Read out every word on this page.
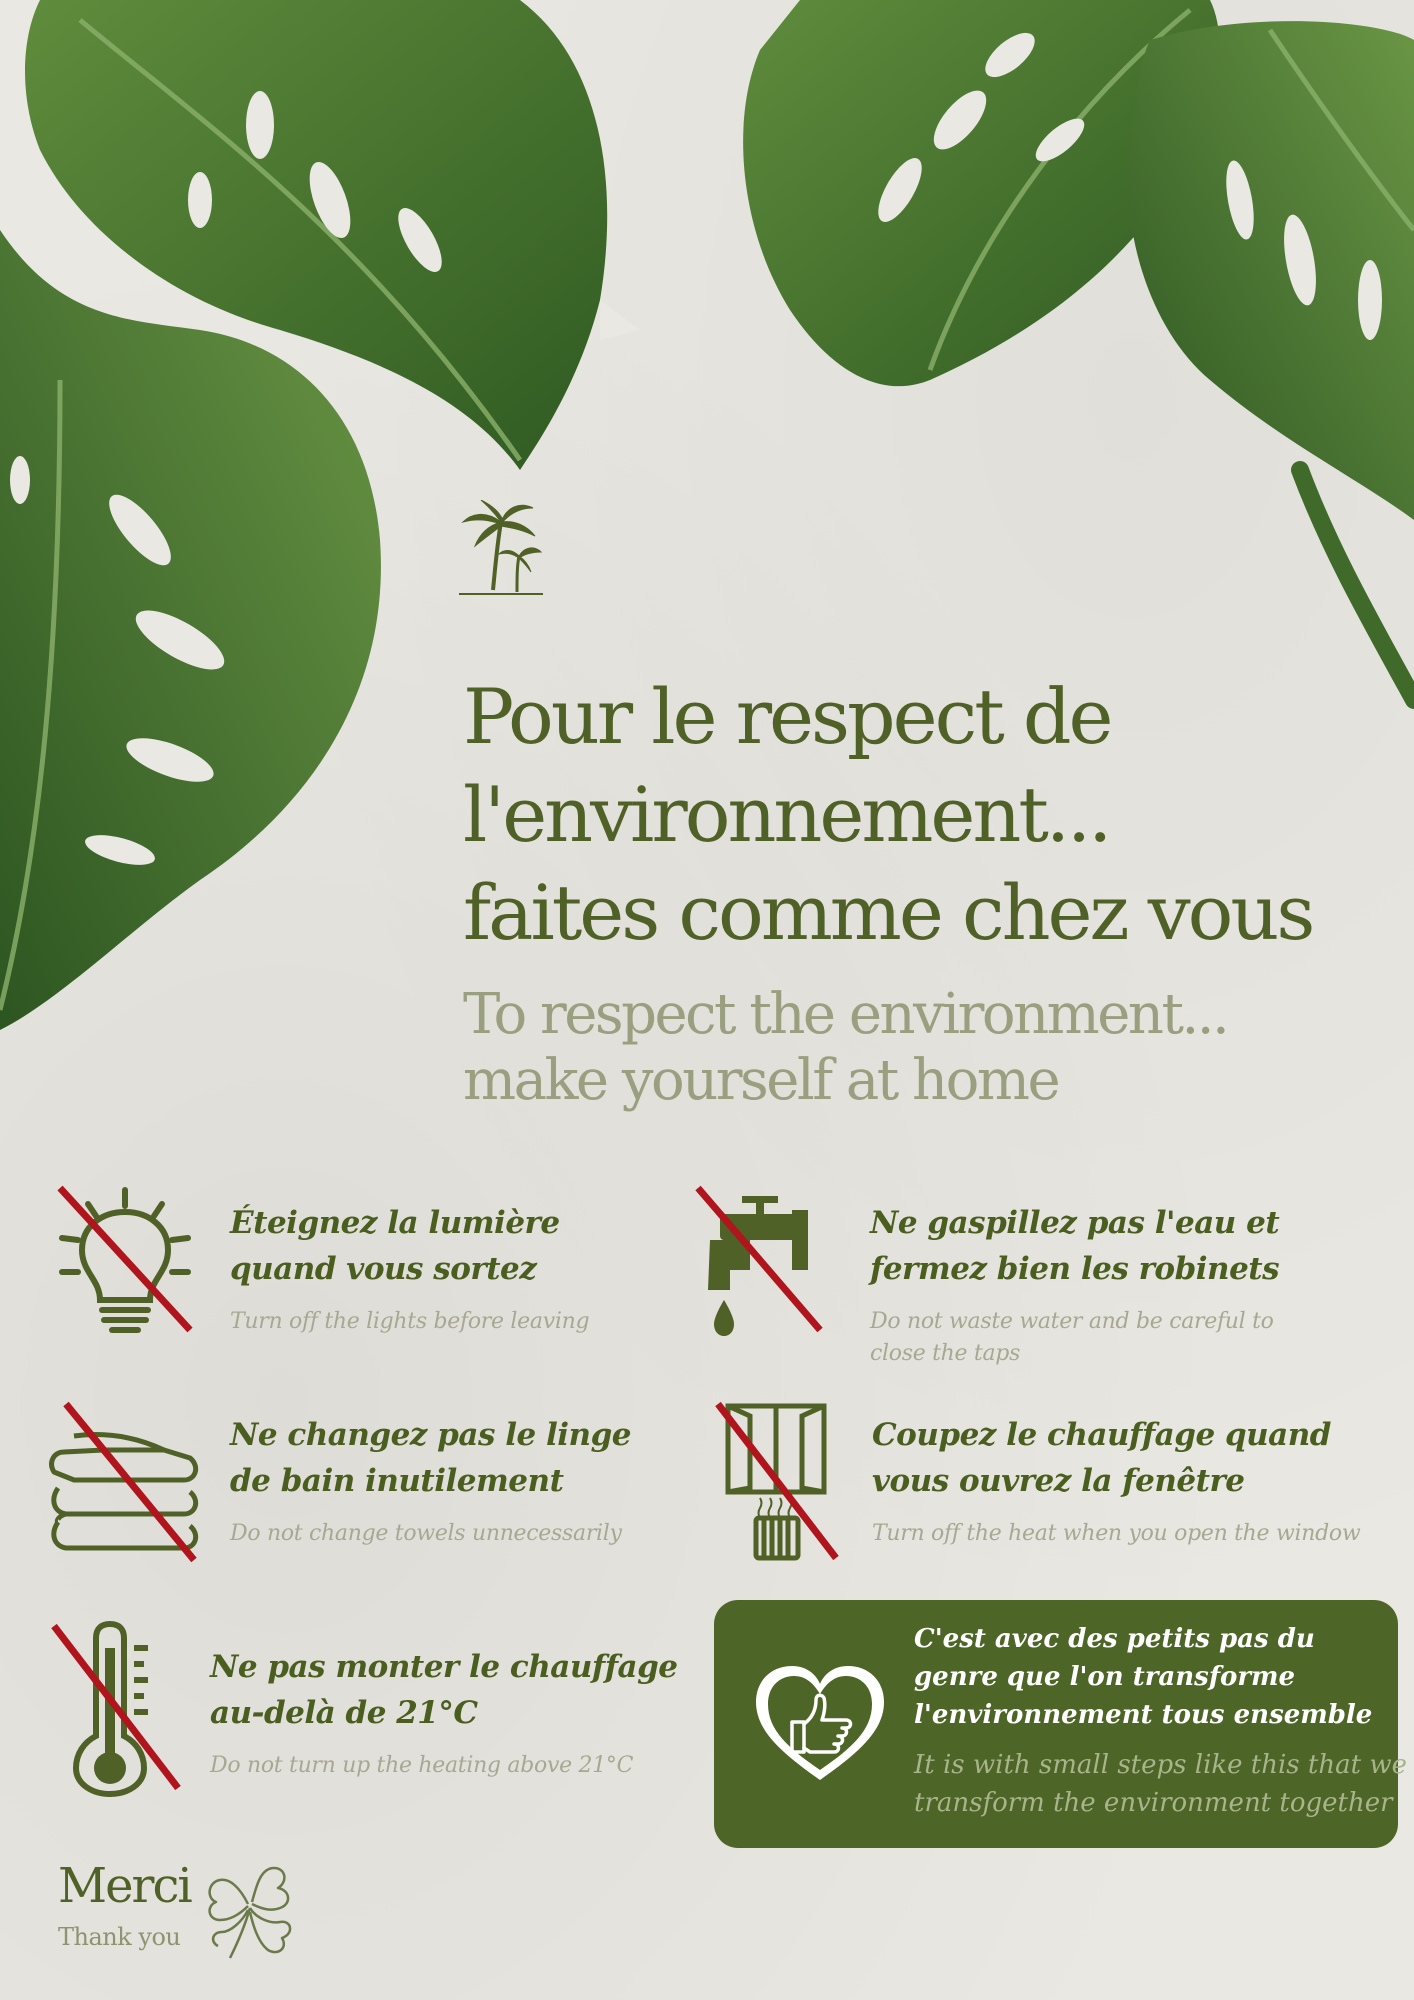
Pour le respect de
l'environnement...
faites comme chez vous
To respect the environment...
make yourself at home
Éteignez la lumière
quand vous sortez

Turn off the lights before leaving

Ne gaspillez pas l'eau et
fermez bien les robinets

Do not waste water and be careful to
close the taps

Ne changez pas le linge
de bain inutilement

Do not change towels unnecessarily

Coupez le chauffage quand
vous ouvrez la fenêtre

Turn off the heat when you open the window

Ne pas monter le chauffage
au-delà de 21°C

Do not turn up the heating above 21°C

C'est avec des petits pas du
genre que l'on transforme
l'environnement tous ensemble

It is with small steps like this that we
transform the environment together

Merci

Thank you
